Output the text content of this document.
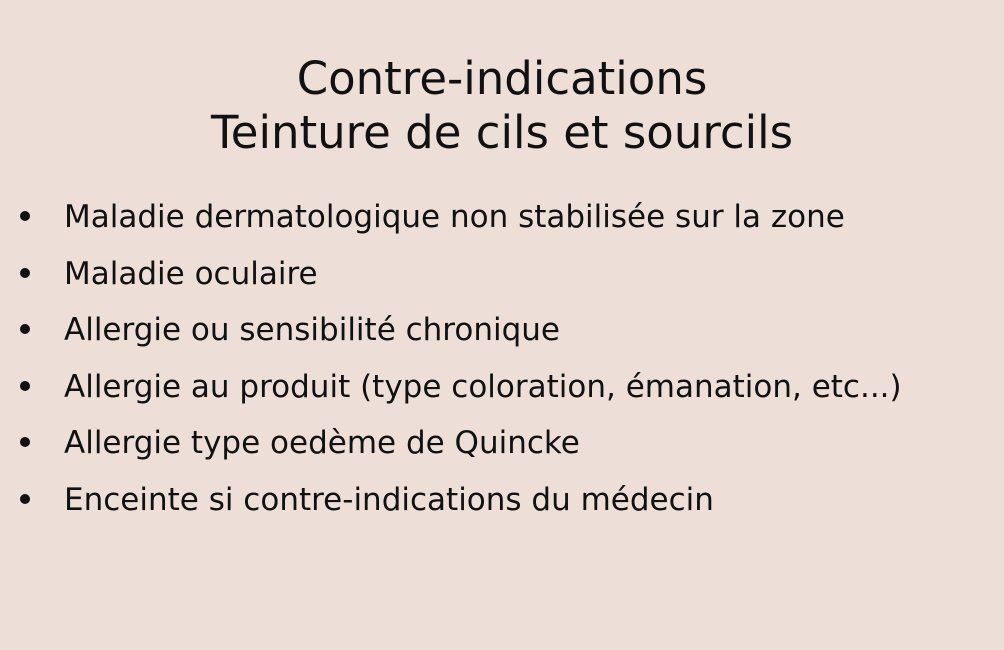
Contre-indications
Teinture de cils et sourcils
Maladie dermatologique non stabilisée sur la zone
Maladie oculaire
Allergie ou sensibilité chronique
Allergie au produit (type coloration, émanation, etc...)
Allergie type oedème de Quincke
Enceinte si contre-indications du médecin
